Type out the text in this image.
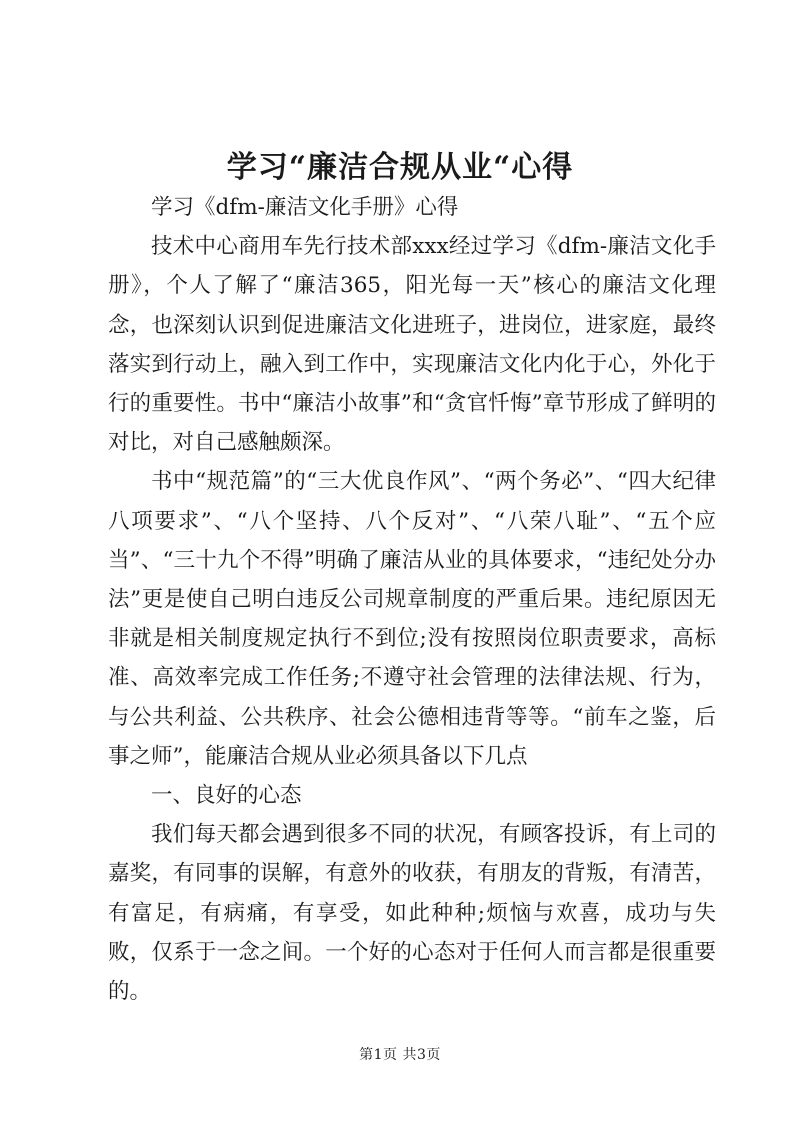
学习“廉洁合规从业“心得

学习《dfm-廉洁文化手册》心得

技术中心商用车先行技术部xxx经过学习《dfm-廉洁文化手册》，个人了解了“廉洁365，阳光每一天”核心的廉洁文化理念，也深刻认识到促进廉洁文化进班子，进岗位，进家庭，最终落实到行动上，融入到工作中，实现廉洁文化内化于心，外化于行的重要性。书中“廉洁小故事”和“贪官忏悔”章节形成了鲜明的对比，对自己感触颇深。

书中“规范篇”的“三大优良作风”、“两个务必”、“四大纪律八项要求”、“八个坚持、八个反对”、“八荣八耻”、“五个应当”、“三十九个不得”明确了廉洁从业的具体要求，“违纪处分办法”更是使自己明白违反公司规章制度的严重后果。违纪原因无非就是相关制度规定执行不到位;没有按照岗位职责要求，高标准、高效率完成工作任务;不遵守社会管理的法律法规、行为，与公共利益、公共秩序、社会公德相违背等等。“前车之鉴，后事之师”，能廉洁合规从业必须具备以下几点

一、良好的心态

我们每天都会遇到很多不同的状况，有顾客投诉，有上司的嘉奖，有同事的误解，有意外的收获，有朋友的背叛，有清苦，有富足，有病痛，有享受，如此种种;烦恼与欢喜，成功与失败，仅系于一念之间。一个好的心态对于任何人而言都是很重要的。

第1页 共3页
